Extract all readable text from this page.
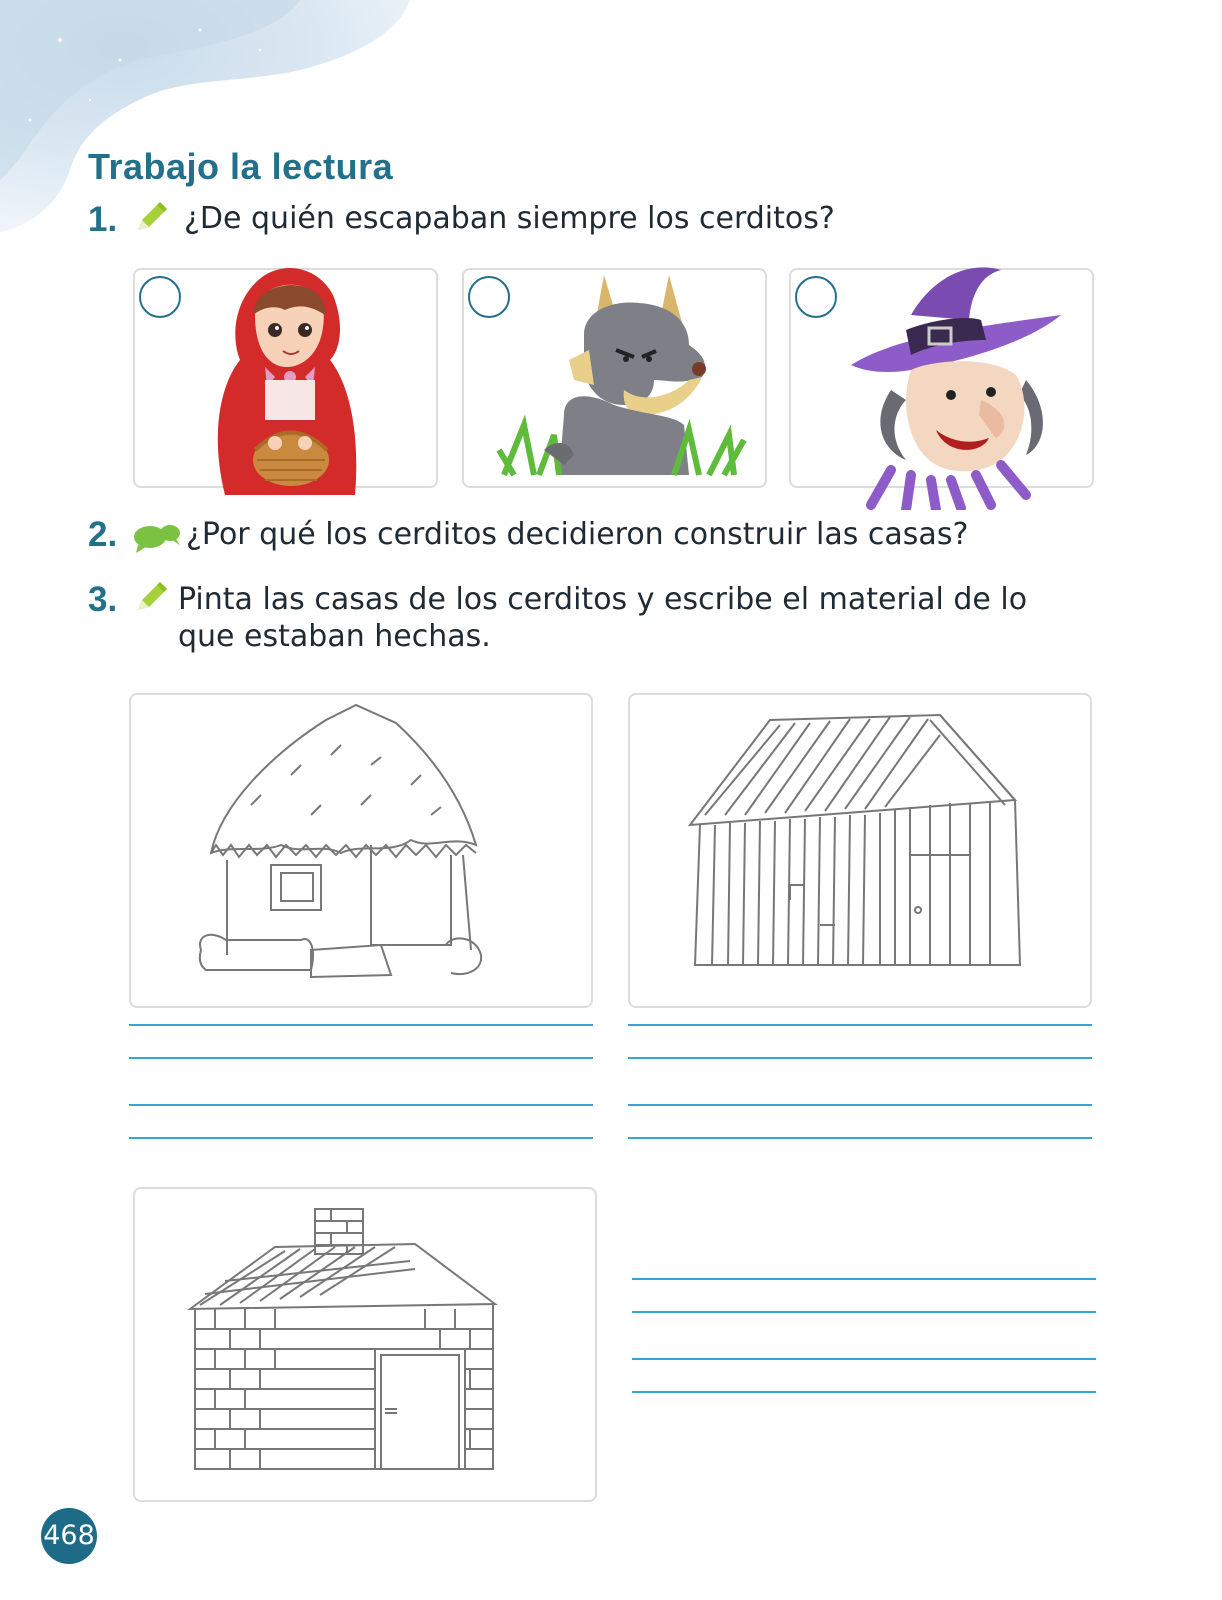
Trabajo la lectura
1. ¿De quién escapaban siempre los cerditos?

2. ¿Por qué los cerditos decidieron construir las casas?

3. Pinta las casas de los cerditos y escribe el material de lo

que estaban hechas.

468
